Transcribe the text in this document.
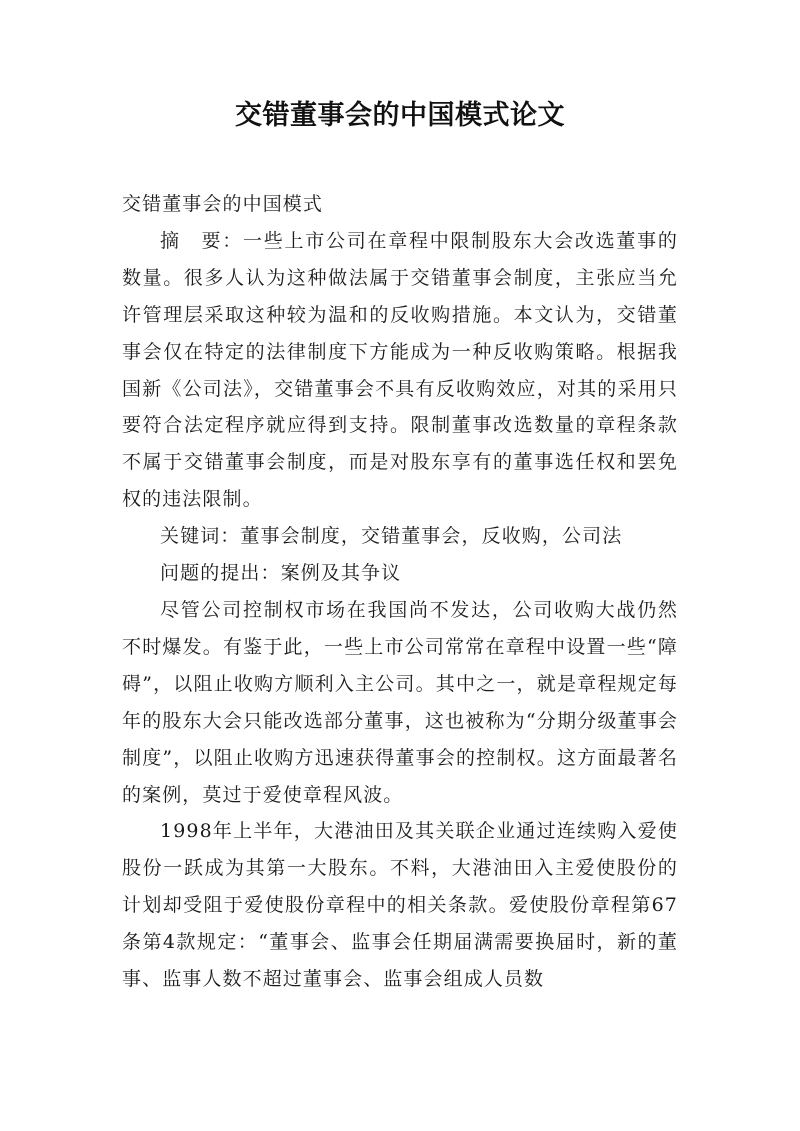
交错董事会的中国模式论文

交错董事会的中国模式

摘　要：一些上市公司在章程中限制股东大会改选董事的数量。很多人认为这种做法属于交错董事会制度，主张应当允许管理层采取这种较为温和的反收购措施。本文认为，交错董事会仅在特定的法律制度下方能成为一种反收购策略。根据我国新《公司法》，交错董事会不具有反收购效应，对其的采用只要符合法定程序就应得到支持。限制董事改选数量的章程条款不属于交错董事会制度，而是对股东享有的董事选任权和罢免权的违法限制。

关键词：董事会制度，交错董事会，反收购，公司法

问题的提出：案例及其争议

尽管公司控制权市场在我国尚不发达，公司收购大战仍然不时爆发。有鉴于此，一些上市公司常常在章程中设置一些“障碍”，以阻止收购方顺利入主公司。其中之一，就是章程规定每年的股东大会只能改选部分董事，这也被称为“分期分级董事会制度”，以阻止收购方迅速获得董事会的控制权。这方面最著名的案例，莫过于爱使章程风波。

1998年上半年，大港油田及其关联企业通过连续购入爱使股份一跃成为其第一大股东。不料，大港油田入主爱使股份的计划却受阻于爱使股份章程中的相关条款。爱使股份章程第67条第4款规定：“董事会、监事会任期届满需要换届时，新的董事、监事人数不超过董事会、监事会组成人员数
